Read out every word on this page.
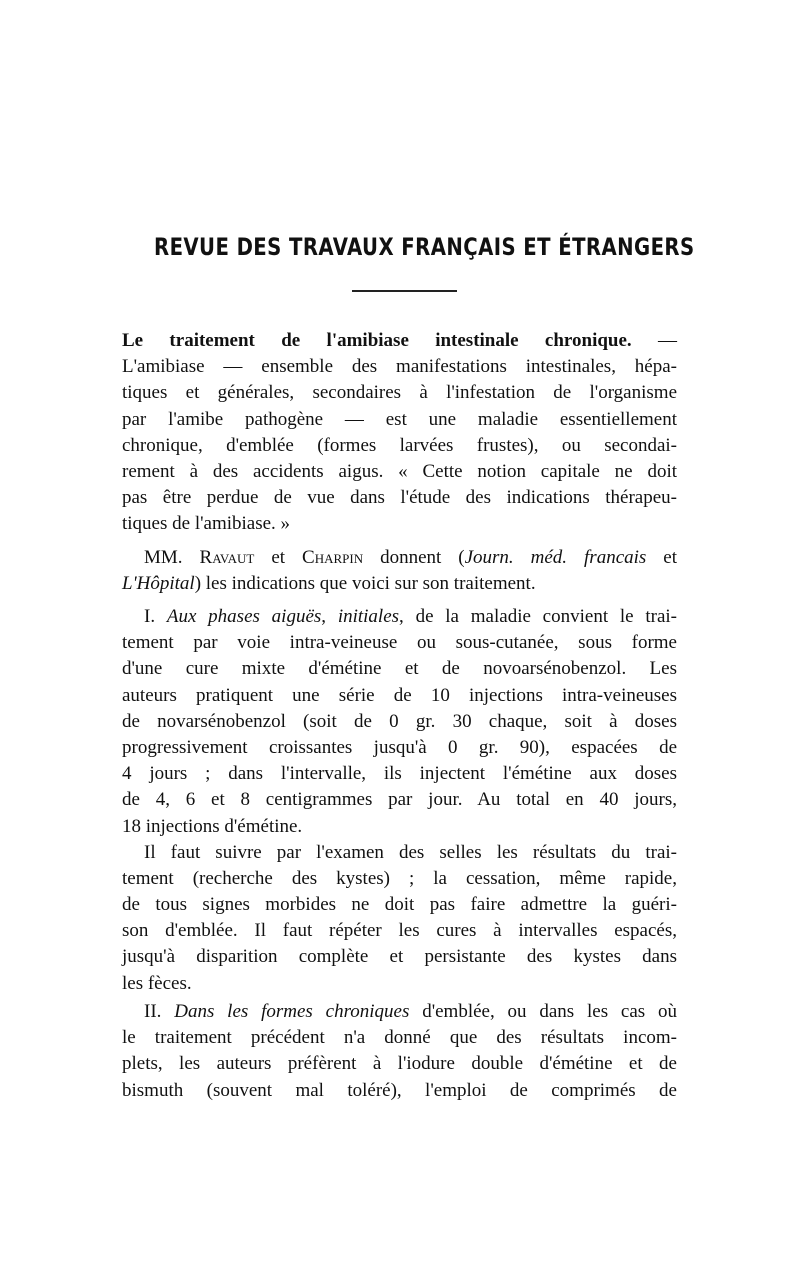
REVUE DES TRAVAUX FRANÇAIS ET ÉTRANGERS
Le traitement de l'amibiase intestinale chronique. —
L'amibiase — ensemble des manifestations intestinales, hépa-
tiques et générales, secondaires à l'infestation de l'organisme
par l'amibe pathogène — est une maladie essentiellement
chronique, d'emblée (formes larvées frustes), ou secondai-
rement à des accidents aigus. « Cette notion capitale ne doit
pas être perdue de vue dans l'étude des indications thérapeu-
tiques de l'amibiase. »
MM. Ravaut et Charpin donnent (Journ. méd. francais et
L'Hôpital) les indications que voici sur son traitement.
I. Aux phases aiguës, initiales, de la maladie convient le trai-
tement par voie intra-veineuse ou sous-cutanée, sous forme
d'une cure mixte d'émétine et de novoarsénobenzol. Les
auteurs pratiquent une série de 10 injections intra-veineuses
de novarsénobenzol (soit de 0 gr. 30 chaque, soit à doses
progressivement croissantes jusqu'à 0 gr. 90), espacées de
4 jours ; dans l'intervalle, ils injectent l'émétine aux doses
de 4, 6 et 8 centigrammes par jour. Au total en 40 jours,
18 injections d'émétine.
Il faut suivre par l'examen des selles les résultats du trai-
tement (recherche des kystes) ; la cessation, même rapide,
de tous signes morbides ne doit pas faire admettre la guéri-
son d'emblée. Il faut répéter les cures à intervalles espacés,
jusqu'à disparition complète et persistante des kystes dans
les fèces.
II. Dans les formes chroniques d'emblée, ou dans les cas où
le traitement précédent n'a donné que des résultats incom-
plets, les auteurs préfèrent à l'iodure double d'émétine et de
bismuth (souvent mal toléré), l'emploi de comprimés de
